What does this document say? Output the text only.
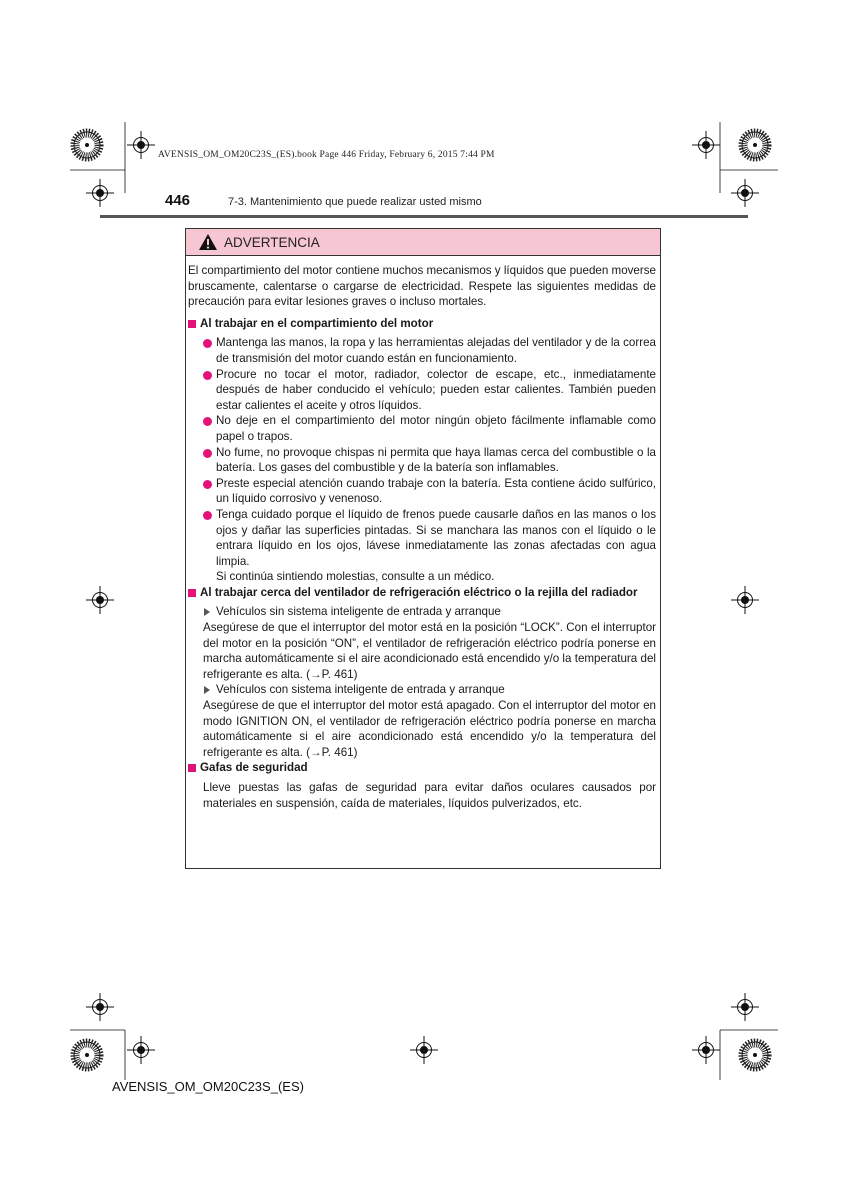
AVENSIS_OM_OM20C23S_(ES).book Page 446 Friday, February 6, 2015 7:44 PM
446	7-3. Mantenimiento que puede realizar usted mismo
ADVERTENCIA

El compartimiento del motor contiene muchos mecanismos y líquidos que pueden moverse bruscamente, calentarse o cargarse de electricidad. Respete las siguientes medidas de precaución para evitar lesiones graves o incluso mortales.

Al trabajar en el compartimiento del motor

Mantenga las manos, la ropa y las herramientas alejadas del ventilador y de la correa de transmisión del motor cuando están en funcionamiento.

Procure no tocar el motor, radiador, colector de escape, etc., inmediatamente después de haber conducido el vehículo; pueden estar calientes. También pueden estar calientes el aceite y otros líquidos.

No deje en el compartimiento del motor ningún objeto fácilmente inflamable como papel o trapos.

No fume, no provoque chispas ni permita que haya llamas cerca del combustible o la batería. Los gases del combustible y de la batería son inflamables.

Preste especial atención cuando trabaje con la batería. Esta contiene ácido sulfúrico, un líquido corrosivo y venenoso.

Tenga cuidado porque el líquido de frenos puede causarle daños en las manos o los ojos y dañar las superficies pintadas. Si se manchara las manos con el líquido o le entrara líquido en los ojos, lávese inmediatamente las zonas afectadas con agua limpia.

Si continúa sintiendo molestias, consulte a un médico.

Al trabajar cerca del ventilador de refrigeración eléctrico o la rejilla del radiador

Vehículos sin sistema inteligente de entrada y arranque

Asegúrese de que el interruptor del motor está en la posición “LOCK”. Con el interruptor del motor en la posición “ON”, el ventilador de refrigeración eléctrico podría ponerse en marcha automáticamente si el aire acondicionado está encendido y/o la temperatura del refrigerante es alta. (→P. 461)

Vehículos con sistema inteligente de entrada y arranque

Asegúrese de que el interruptor del motor está apagado. Con el interruptor del motor en modo IGNITION ON, el ventilador de refrigeración eléctrico podría ponerse en marcha automáticamente si el aire acondicionado está encendido y/o la temperatura del refrigerante es alta. (→P. 461)

Gafas de seguridad

Lleve puestas las gafas de seguridad para evitar daños oculares causados por materiales en suspensión, caída de materiales, líquidos pulverizados, etc.

AVENSIS_OM_OM20C23S_(ES)
